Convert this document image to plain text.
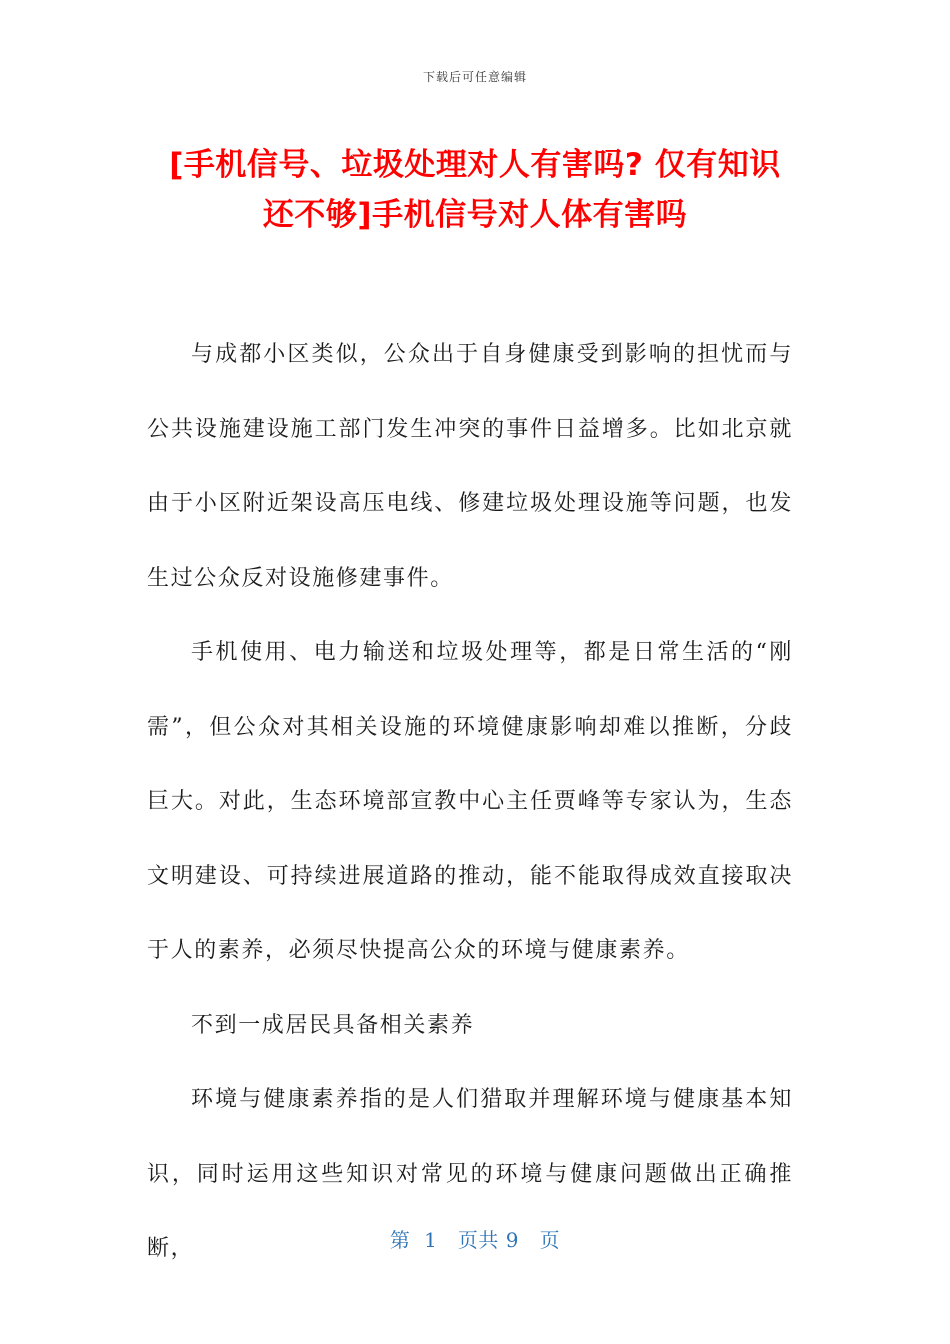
下载后可任意编辑
[手机信号、垃圾处理对人有害吗? 仅有知识
还不够]手机信号对人体有害吗

与成都小区类似，公众出于自身健康受到影响的担忧而与公共设施建设施工部门发生冲突的事件日益增多。比如北京就由于小区附近架设高压电线、修建垃圾处理设施等问题，也发生过公众反对设施修建事件。

手机使用、电力输送和垃圾处理等，都是日常生活的“刚需”，但公众对其相关设施的环境健康影响却难以推断，分歧巨大。对此，生态环境部宣教中心主任贾峰等专家认为，生态文明建设、可持续进展道路的推动，能不能取得成效直接取决于人的素养，必须尽快提高公众的环境与健康素养。

不到一成居民具备相关素养

环境与健康素养指的是人们猎取并理解环境与健康基本知识，同时运用这些知识对常见的环境与健康问题做出正确推断，	第  1   页共 9   页
